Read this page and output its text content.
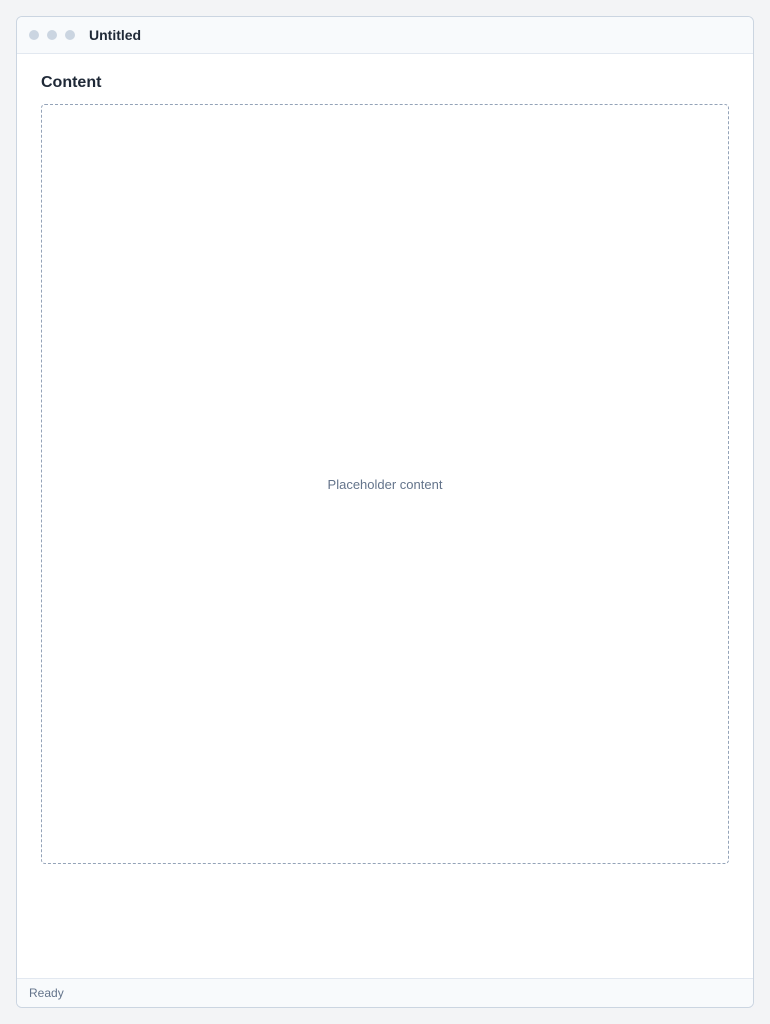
Untitled
Content
Placeholder content
Ready
